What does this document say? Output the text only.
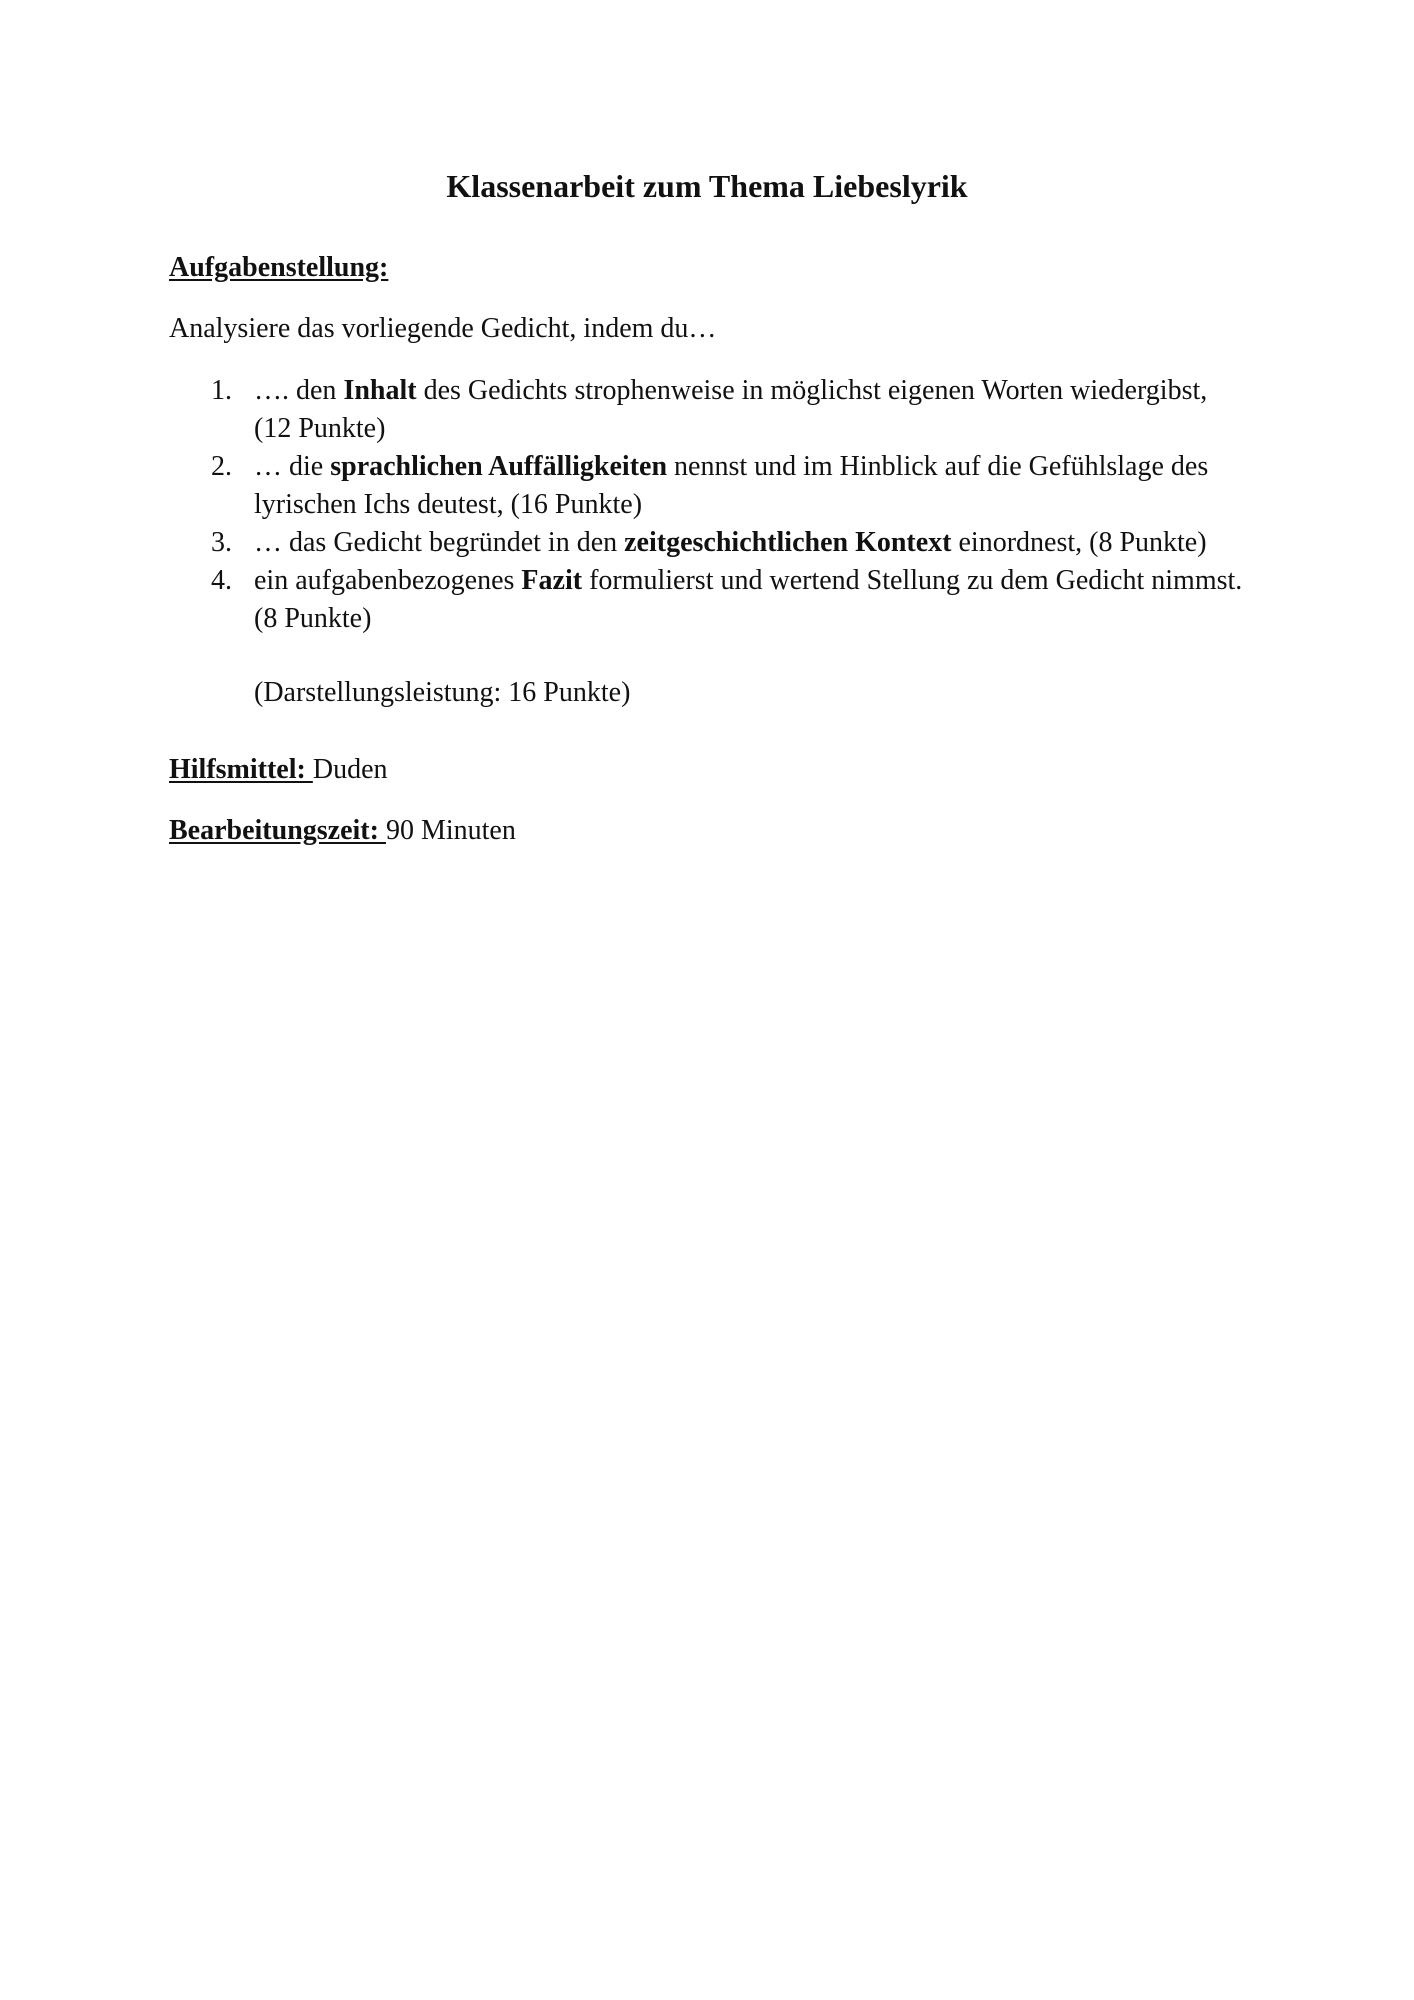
Klassenarbeit zum Thema Liebeslyrik
Aufgabenstellung:
Analysiere das vorliegende Gedicht, indem du…
1. …. den Inhalt des Gedichts strophenweise in möglichst eigenen Worten wiedergibst, (12 Punkte)
2. … die sprachlichen Auffälligkeiten nennst und im Hinblick auf die Gefühlslage des lyrischen Ichs deutest, (16 Punkte)
3. … das Gedicht begründet in den zeitgeschichtlichen Kontext einordnest, (8 Punkte)
4. ein aufgabenbezogenes Fazit formulierst und wertend Stellung zu dem Gedicht nimmst. (8 Punkte)
(Darstellungsleistung: 16 Punkte)
Hilfsmittel: Duden
Bearbeitungszeit: 90 Minuten
